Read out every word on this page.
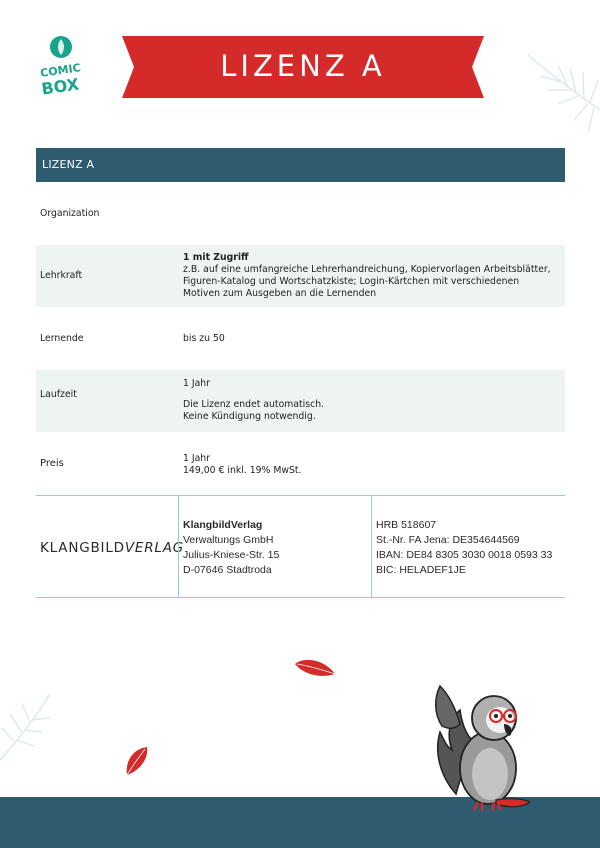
COMIC
BOX
LIZENZ A
LIZENZ A
Organization
Lehrkraft
1 mit Zugriff
z.B. auf eine umfangreiche Lehrerhandreichung, Kopiervorlagen Arbeitsblätter, Figuren-Katalog und Wortschatzkiste; Login-Kärtchen mit verschiedenen Motiven zum Ausgeben an die Lernenden
Lernende	bis zu 50
Laufzeit
1 Jahr
Die Lizenz endet automatisch.
Keine Kündigung notwendig.
Preis	1 Jahr
149,00 € inkl. 19% MwSt.
KLANGBILDVERLAG
KlangbildVerlag
Verwaltungs GmbH
Julius-Kniese-Str. 15
D-07646 Stadtroda
HRB 518607
St.-Nr. FA Jena: DE354644569
IBAN: DE84 8305 3030 0018 0593 33
BIC: HELADEF1JE
